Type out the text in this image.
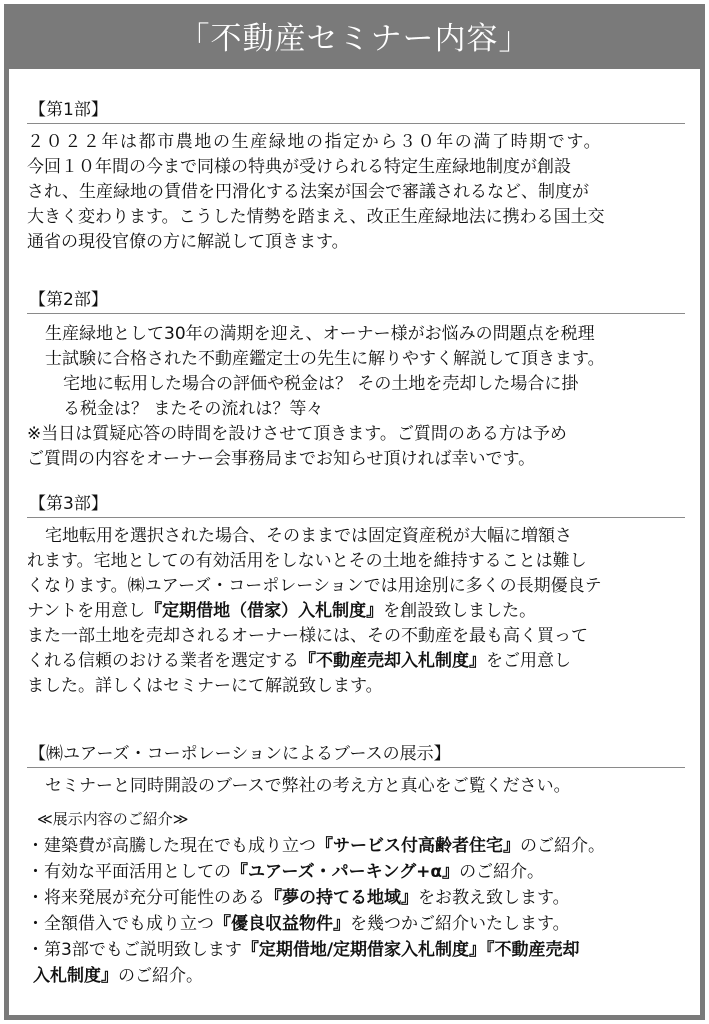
「不動産セミナー内容」
【第1部】
２０２２年は都市農地の生産緑地の指定から３０年の満了時期です。
今回１０年間の今まで同様の特典が受けられる特定生産緑地制度が創設
され、生産緑地の賃借を円滑化する法案が国会で審議されるなど、制度が
大きく変わります。こうした情勢を踏まえ、改正生産緑地法に携わる国土交
通省の現役官僚の方に解説して頂きます。
【第2部】
生産緑地として30年の満期を迎え、オーナー様がお悩みの問題点を税理
士試験に合格された不動産鑑定士の先生に解りやすく解説して頂きます。
宅地に転用した場合の評価や税金は？ その土地を売却した場合に掛
る税金は？ またその流れは？等々
※当日は質疑応答の時間を設けさせて頂きます。ご質問のある方は予め
ご質問の内容をオーナー会事務局までお知らせ頂ければ幸いです。
【第3部】
宅地転用を選択された場合、そのままでは固定資産税が大幅に増額さ
れます。宅地としての有効活用をしないとその土地を維持することは難し
くなります。㈱ユアーズ・コーポレーションでは用途別に多くの長期優良テ
ナントを用意し『定期借地（借家）入札制度』を創設致しました。
また一部土地を売却されるオーナー様には、その不動産を最も高く買って
くれる信頼のおける業者を選定する『不動産売却入札制度』をご用意し
ました。詳しくはセミナーにて解説致します。
【㈱ユアーズ・コーポレーションによるブースの展示】
セミナーと同時開設のブースで弊社の考え方と真心をご覧ください。
≪展示内容のご紹介≫
・建築費が高騰した現在でも成り立つ『サービス付高齢者住宅』のご紹介。
・有効な平面活用としての『ユアーズ・パーキング+α』のご紹介。
・将来発展が充分可能性のある『夢の持てる地域』をお教え致します。
・全額借入でも成り立つ『優良収益物件』を幾つかご紹介いたします。
・第3部でもご説明致します『定期借地/定期借家入札制度』『不動産売却
入札制度』のご紹介。
